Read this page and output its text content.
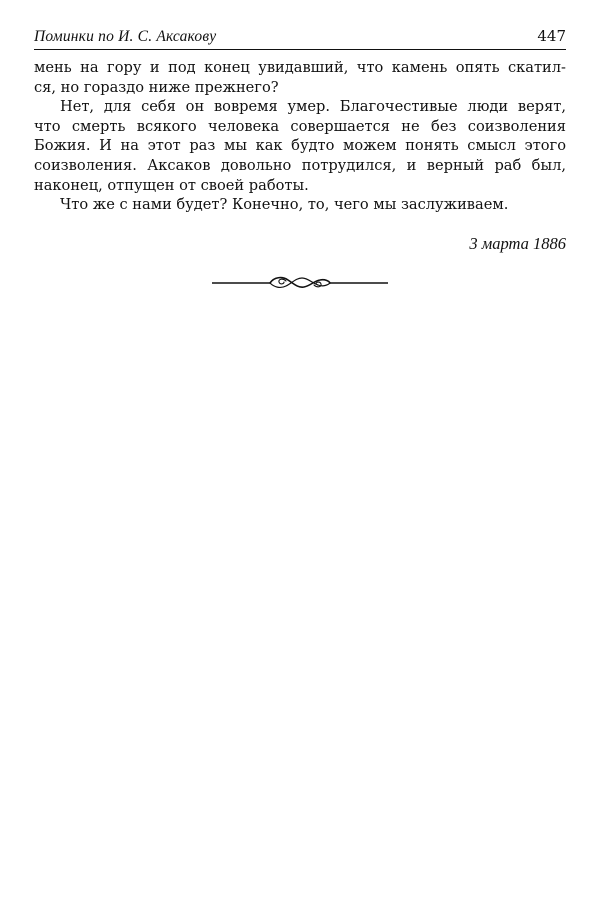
Поминки по И. С. Аксакову	447

мень на гору и под конец увидавший, что камень опять скатил-
ся, но гораздо ниже прежнего?

Нет, для себя он вовремя умер. Благочестивые люди верят,
что смерть всякого человека совершается не без соизволения
Божия. И на этот раз мы как будто можем понять смысл этого
соизволения. Аксаков довольно потрудился, и верный раб был,
наконец, отпущен от своей работы.

Что же с нами будет? Конечно, то, чего мы заслуживаем.

3 марта 1886
